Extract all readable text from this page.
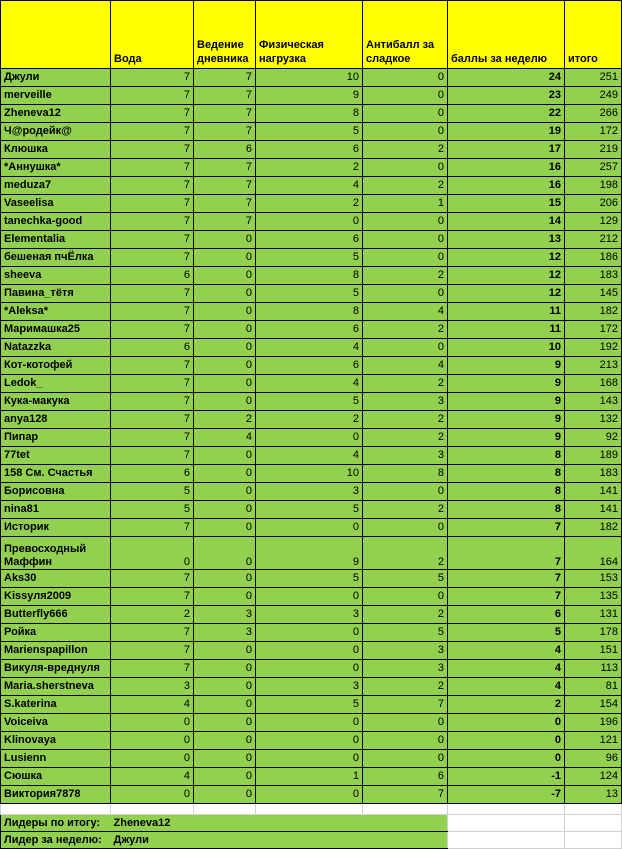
	Вода	Ведение дневника	Физическая нагрузка	Антибалл за сладкое	баллы за неделю	итого
Джули	7	7	10	0	24	251
merveille	7	7	9	0	23	249
Zheneva12	7	7	8	0	22	266
Ч@родейк@	7	7	5	0	19	172
Клюшка	7	6	6	2	17	219
*Аннушка*	7	7	2	0	16	257
meduza7	7	7	4	2	16	198
Vaseelisa	7	7	2	1	15	206
tanechka-good	7	7	0	0	14	129
Elementalia	7	0	6	0	13	212
бешеная пчЁлка	7	0	5	0	12	186
sheeva	6	0	8	2	12	183
Павина_тётя	7	0	5	0	12	145
*Aleksa*	7	0	8	4	11	182
Маримашка25	7	0	6	2	11	172
Natazzka	6	0	4	0	10	192
Кот-котофей	7	0	6	4	9	213
Ledok_	7	0	4	2	9	168
Кука-макука	7	0	5	3	9	143
anya128	7	2	2	2	9	132
Пипар	7	4	0	2	9	92
77tet	7	0	4	3	8	189
158 См. Счастья	6	0	10	8	8	183
Борисовна	5	0	3	0	8	141
nina81	5	0	5	2	8	141
Историк	7	0	0	0	7	182
Превосходный Маффин	0	0	9	2	7	164
Aks30	7	0	5	5	7	153
Kissуля2009	7	0	0	0	7	135
Butterfly666	2	3	3	2	6	131
Ройка	7	3	0	5	5	178
Marienspapillon	7	0	0	3	4	151
Викуля-вреднуля	7	0	0	3	4	113
Maria.sherstneva	3	0	3	2	4	81
S.katerina	4	0	5	7	2	154
Voiceiva	0	0	0	0	0	196
Klinovaya	0	0	0	0	0	121
Lusienn	0	0	0	0	0	96
Сюшка	4	0	1	6	-1	124
Виктория7878	0	0	0	7	-7	13

Лидеры по итогу:	Zheneva12					
Лидер за неделю:	Джули					
